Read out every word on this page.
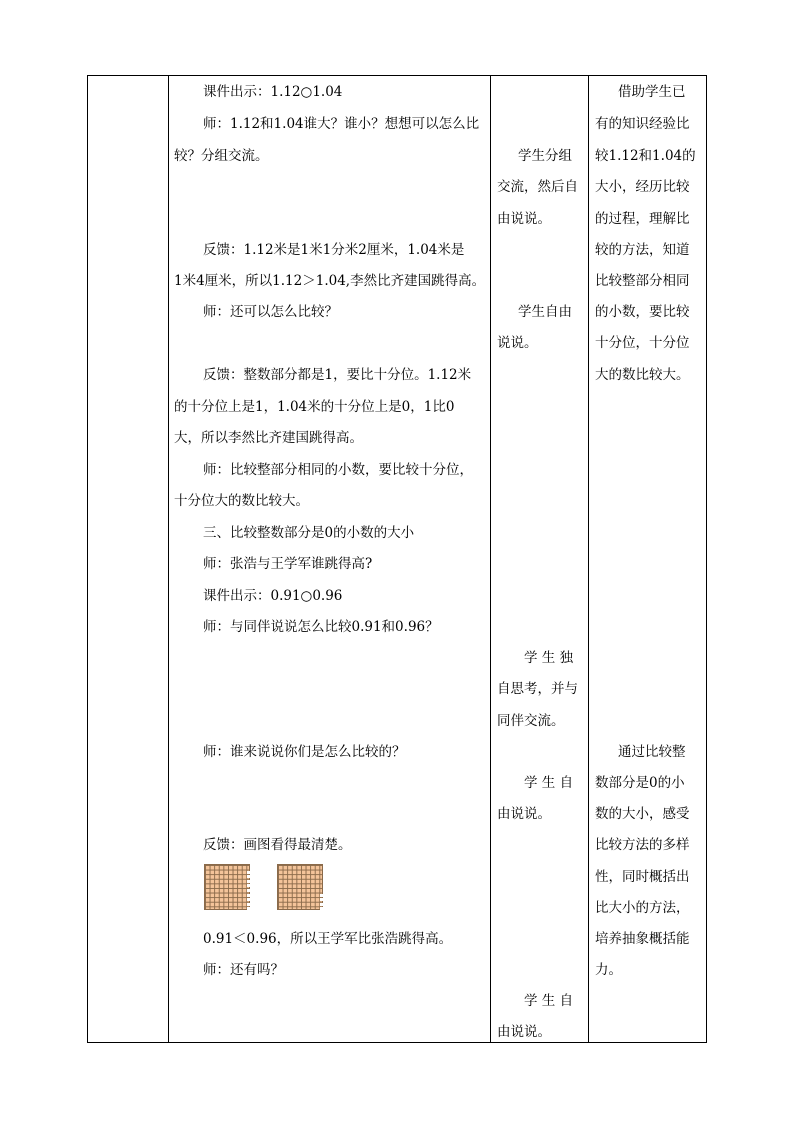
课件出示：1.12○1.04
师：1.12和1.04谁大？谁小？想想可以怎么比
较？分组交流。
反馈：1.12米是1米1分米2厘米，1.04米是
1米4厘米，所以1.12＞1.04,李然比齐建国跳得高。
师：还可以怎么比较？
反馈：整数部分都是1，要比十分位。1.12米
的十分位上是1，1.04米的十分位上是0，1比0
大，所以李然比齐建国跳得高。
师：比较整部分相同的小数，要比较十分位，
十分位大的数比较大。
三、比较整数部分是0的小数的大小
师：张浩与王学军谁跳得高?
课件出示：0.91○0.96
师：与同伴说说怎么比较0.91和0.96？
师：谁来说说你们是怎么比较的？
反馈：画图看得最清楚。
0.91＜0.96，所以王学军比张浩跳得高。
师：还有吗？
学生分组
交流，然后自
由说说。
学生自由
说说。
学 生 独
自思考，并与
同伴交流。
学 生 自
由说说。
学 生 自
由说说。
借助学生已
有的知识经验比
较1.12和1.04的
大小，经历比较
的过程，理解比
较的方法，知道
比较整部分相同
的小数，要比较
十分位，十分位
大的数比较大。
通过比较整
数部分是0的小
数的大小，感受
比较方法的多样
性，同时概括出
比大小的方法，
培养抽象概括能
力。
